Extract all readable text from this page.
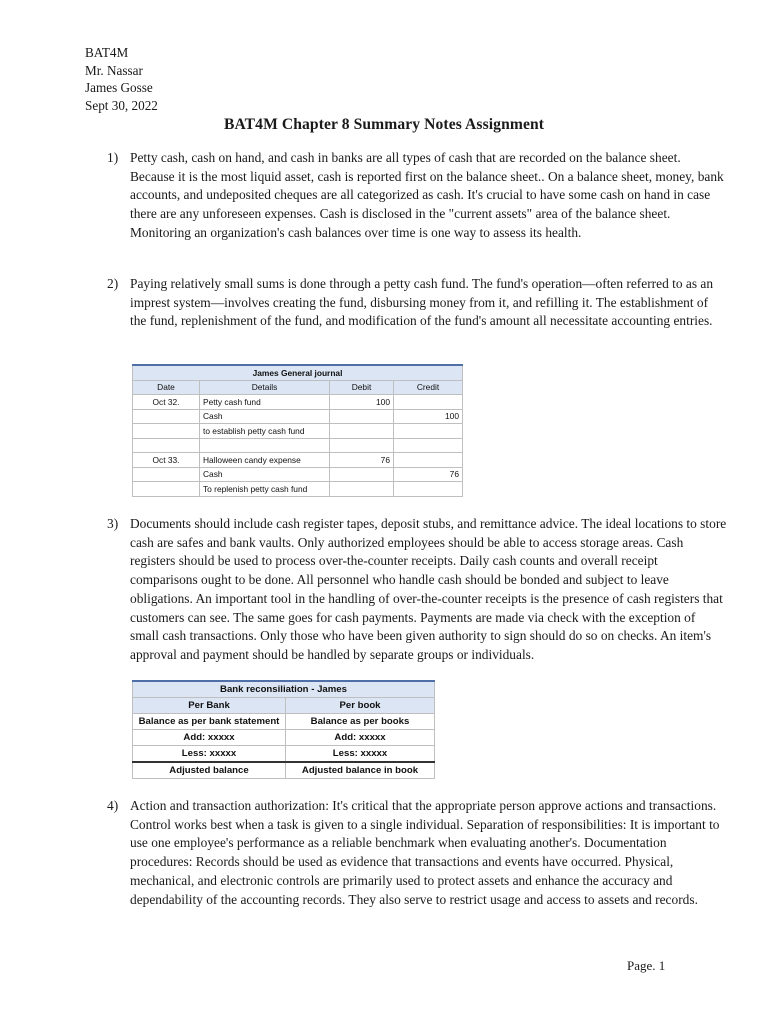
BAT4M
Mr. Nassar
James Gosse
Sept 30, 2022
BAT4M Chapter 8 Summary Notes Assignment
1) Petty cash, cash on hand, and cash in banks are all types of cash that are recorded on the balance sheet. Because it is the most liquid asset, cash is reported first on the balance sheet.. On a balance sheet, money, bank accounts, and undeposited cheques are all categorized as cash. It's crucial to have some cash on hand in case there are any unforeseen expenses. Cash is disclosed in the "current assets" area of the balance sheet. Monitoring an organization's cash balances over time is one way to assess its health.
2) Paying relatively small sums is done through a petty cash fund. The fund's operation—often referred to as an imprest system—involves creating the fund, disbursing money from it, and refilling it. The establishment of the fund, replenishment of the fund, and modification of the fund's amount all necessitate accounting entries.
James General journal			
Date	Details	Debit	Credit
Oct 32.	Petty cash fund	100	
	Cash		100
	to establish petty cash fund		

Oct 33.	Halloween candy expense	76	
	Cash		76
	To replenish petty cash fund		
3) Documents should include cash register tapes, deposit stubs, and remittance advice. The ideal locations to store cash are safes and bank vaults. Only authorized employees should be able to access storage areas. Cash registers should be used to process over-the-counter receipts. Daily cash counts and overall receipt comparisons ought to be done. All personnel who handle cash should be bonded and subject to leave obligations. An important tool in the handling of over-the-counter receipts is the presence of cash registers that customers can see. The same goes for cash payments. Payments are made via check with the exception of small cash transactions. Only those who have been given authority to sign should do so on checks. An item's approval and payment should be handled by separate groups or individuals.
Bank reconsiliation - James	
Per Bank	Per book
Balance as per bank statement	Balance as per books
Add: xxxxx	Add: xxxxx
Less: xxxxx	Less: xxxxx
Adjusted balance	Adjusted balance in book
4) Action and transaction authorization: It's critical that the appropriate person approve actions and transactions. Control works best when a task is given to a single individual. Separation of responsibilities: It is important to use one employee's performance as a reliable benchmark when evaluating another's. Documentation procedures: Records should be used as evidence that transactions and events have occurred. Physical, mechanical, and electronic controls are primarily used to protect assets and enhance the accuracy and dependability of the accounting records. They also serve to restrict usage and access to assets and records.
Page. 1
